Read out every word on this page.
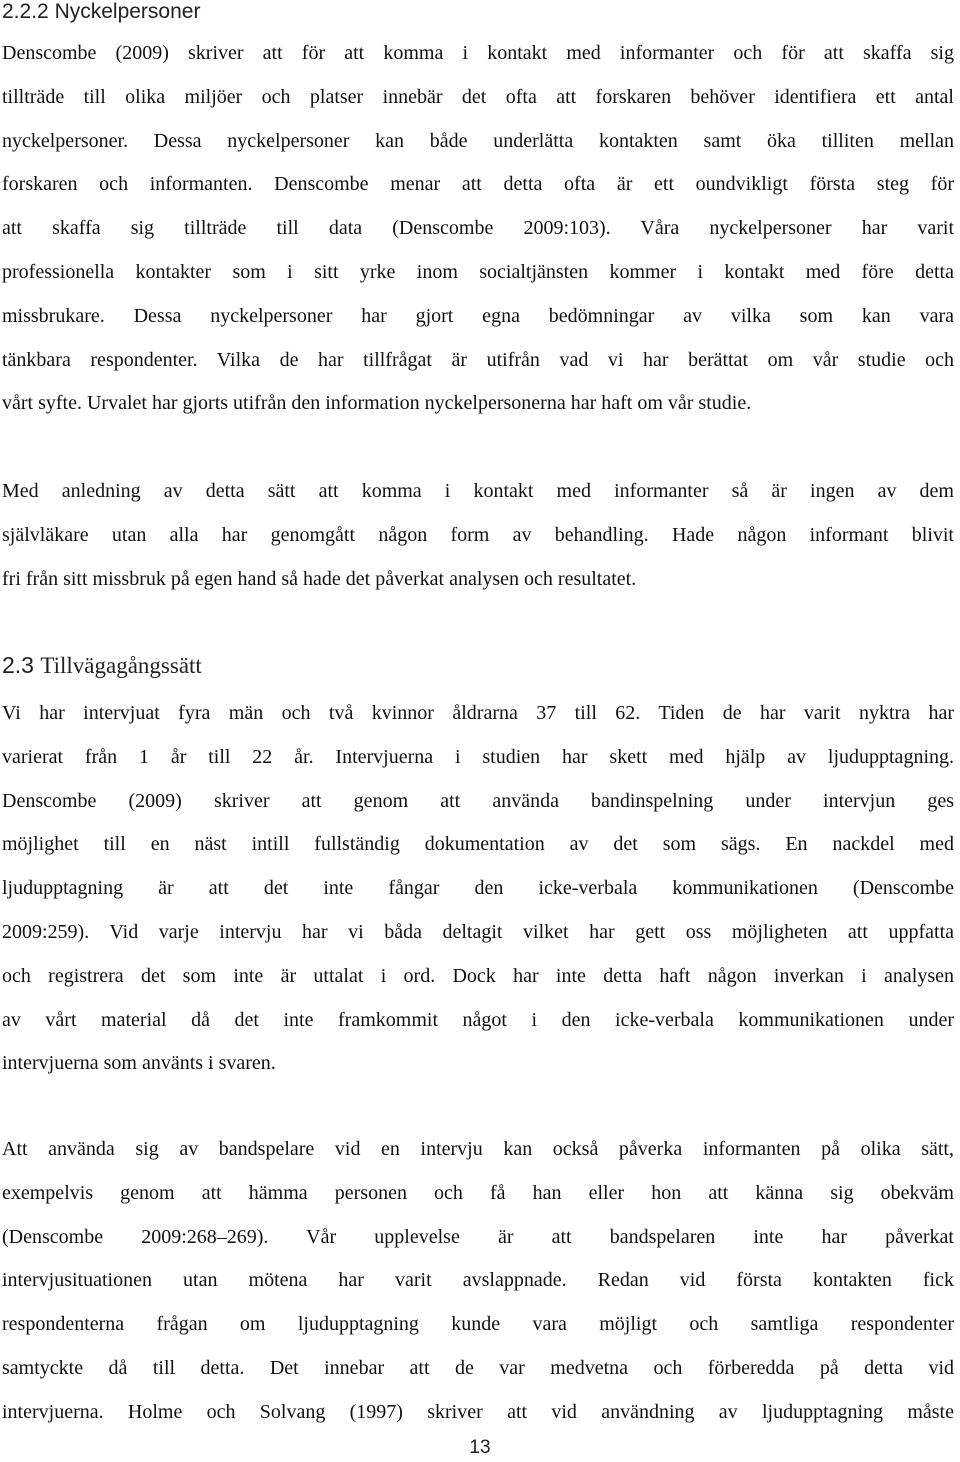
2.2.2 Nyckelpersoner
Denscombe (2009) skriver att för att komma i kontakt med informanter och för att skaffa sig
tillträde till olika miljöer och platser innebär det ofta att forskaren behöver identifiera ett antal
nyckelpersoner. Dessa nyckelpersoner kan både underlätta kontakten samt öka tilliten mellan
forskaren och informanten. Denscombe menar att detta ofta är ett oundvikligt första steg för
att skaffa sig tillträde till data (Denscombe 2009:103). Våra nyckelpersoner har varit
professionella kontakter som i sitt yrke inom socialtjänsten kommer i kontakt med före detta
missbrukare. Dessa nyckelpersoner har gjort egna bedömningar av vilka som kan vara
tänkbara respondenter. Vilka de har tillfrågat är utifrån vad vi har berättat om vår studie och
vårt syfte. Urvalet har gjorts utifrån den information nyckelpersonerna har haft om vår studie.
Med anledning av detta sätt att komma i kontakt med informanter så är ingen av dem
självläkare utan alla har genomgått någon form av behandling. Hade någon informant blivit
fri från sitt missbruk på egen hand så hade det påverkat analysen och resultatet.
2.3 Tillvägagångssätt
Vi har intervjuat fyra män och två kvinnor åldrarna 37 till 62. Tiden de har varit nyktra har
varierat från 1 år till 22 år. Intervjuerna i studien har skett med hjälp av ljudupptagning.
Denscombe (2009) skriver att genom att använda bandinspelning under intervjun ges
möjlighet till en näst intill fullständig dokumentation av det som sägs. En nackdel med
ljudupptagning är att det inte fångar den icke-verbala kommunikationen (Denscombe
2009:259). Vid varje intervju har vi båda deltagit vilket har gett oss möjligheten att uppfatta
och registrera det som inte är uttalat i ord. Dock har inte detta haft någon inverkan i analysen
av vårt material då det inte framkommit något i den icke-verbala kommunikationen under
intervjuerna som använts i svaren.
Att använda sig av bandspelare vid en intervju kan också påverka informanten på olika sätt,
exempelvis genom att hämma personen och få han eller hon att känna sig obekväm
(Denscombe 2009:268–269). Vår upplevelse är att bandspelaren inte har påverkat
intervjusituationen utan mötena har varit avslappnade. Redan vid första kontakten fick
respondenterna frågan om ljudupptagning kunde vara möjligt och samtliga respondenter
samtyckte då till detta. Det innebar att de var medvetna och förberedda på detta vid
intervjuerna. Holme och Solvang (1997) skriver att vid användning av ljudupptagning måste
13
